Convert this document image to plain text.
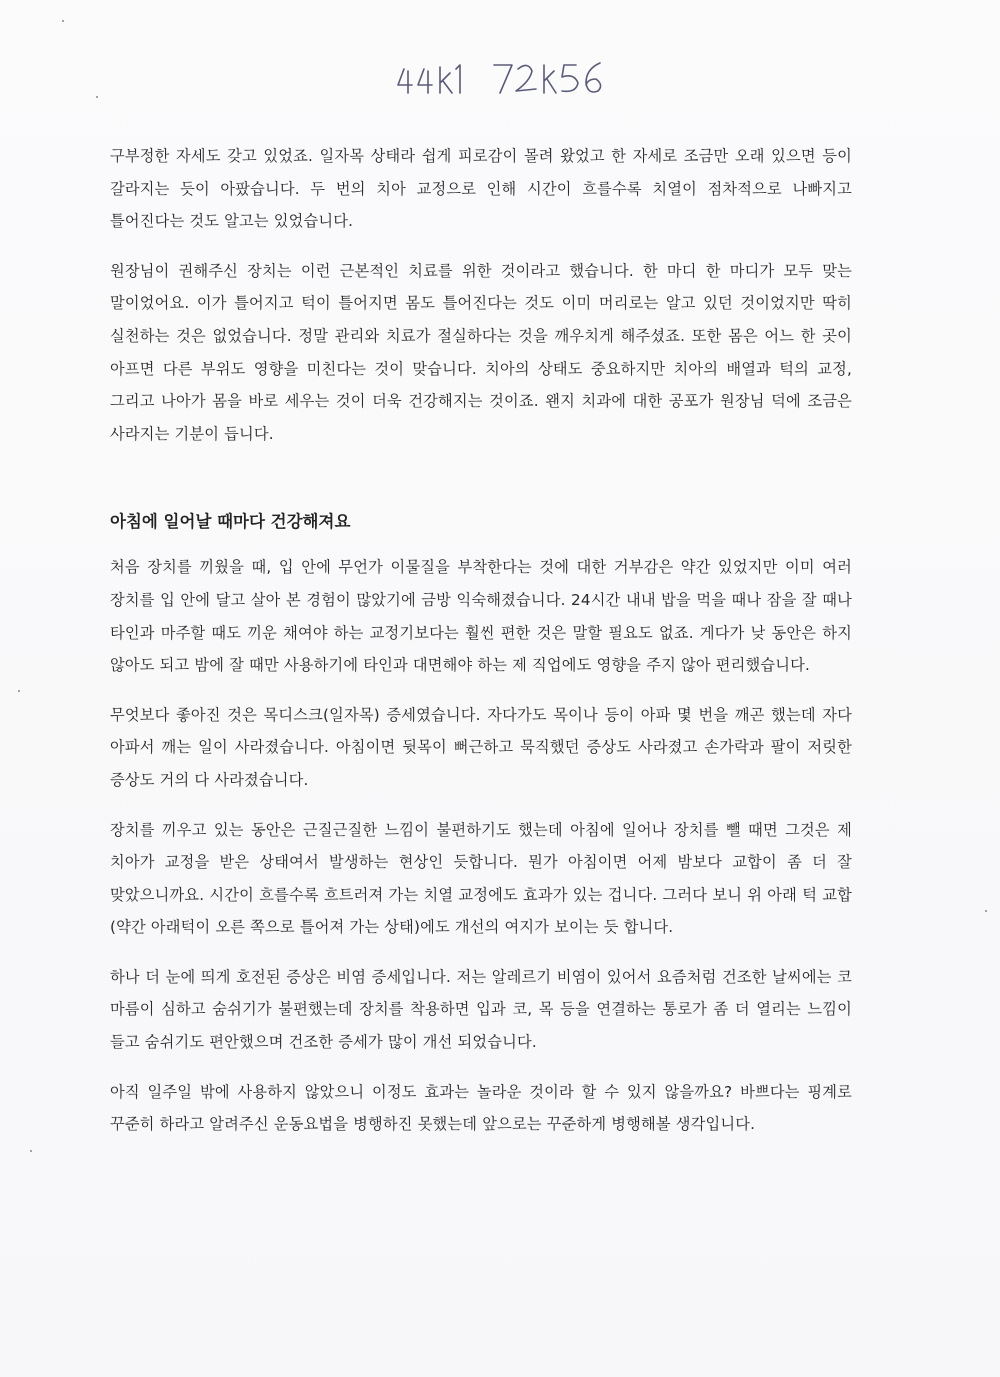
구부정한 자세도 갖고 있었죠. 일자목 상태라 쉽게 피로감이 몰려 왔었고 한 자세로 조금만 오래 있으면 등이 갈라지는 듯이 아팠습니다. 두 번의 치아 교정으로 인해 시간이 흐를수록 치열이 점차적으로 나빠지고 틀어진다는 것도 알고는 있었습니다.

원장님이 권해주신 장치는 이런 근본적인 치료를 위한 것이라고 했습니다. 한 마디 한 마디가 모두 맞는 말이었어요. 이가 틀어지고 턱이 틀어지면 몸도 틀어진다는 것도 이미 머리로는 알고 있던 것이었지만 딱히 실천하는 것은 없었습니다. 정말 관리와 치료가 절실하다는 것을 깨우치게 해주셨죠. 또한 몸은 어느 한 곳이 아프면 다른 부위도 영향을 미친다는 것이 맞습니다. 치아의 상태도 중요하지만 치아의 배열과 턱의 교정, 그리고 나아가 몸을 바로 세우는 것이 더욱 건강해지는 것이죠. 왠지 치과에 대한 공포가 원장님 덕에 조금은 사라지는 기분이 듭니다.

아침에 일어날 때마다 건강해져요

처음 장치를 끼웠을 때, 입 안에 무언가 이물질을 부착한다는 것에 대한 거부감은 약간 있었지만 이미 여러 장치를 입 안에 달고 살아 본 경험이 많았기에 금방 익숙해졌습니다. 24시간 내내 밥을 먹을 때나 잠을 잘 때나 타인과 마주할 때도 끼운 채여야 하는 교정기보다는 훨씬 편한 것은 말할 필요도 없죠. 게다가 낮 동안은 하지 않아도 되고 밤에 잘 때만 사용하기에 타인과 대면해야 하는 제 직업에도 영향을 주지 않아 편리했습니다.

무엇보다 좋아진 것은 목디스크(일자목) 증세였습니다. 자다가도 목이나 등이 아파 몇 번을 깨곤 했는데 자다 아파서 깨는 일이 사라졌습니다. 아침이면 뒷목이 뻐근하고 묵직했던 증상도 사라졌고 손가락과 팔이 저릿한 증상도 거의 다 사라졌습니다.

장치를 끼우고 있는 동안은 근질근질한 느낌이 불편하기도 했는데 아침에 일어나 장치를 뺄 때면 그것은 제 치아가 교정을 받은 상태여서 발생하는 현상인 듯합니다. 뭔가 아침이면 어제 밤보다 교합이 좀 더 잘 맞았으니까요. 시간이 흐를수록 흐트러져 가는 치열 교정에도 효과가 있는 겁니다. 그러다 보니 위 아래 턱 교합(약간 아래턱이 오른 쪽으로 틀어져 가는 상태)에도 개선의 여지가 보이는 듯 합니다.

하나 더 눈에 띄게 호전된 증상은 비염 증세입니다. 저는 알레르기 비염이 있어서 요즘처럼 건조한 날씨에는 코 마름이 심하고 숨쉬기가 불편했는데 장치를 착용하면 입과 코, 목 등을 연결하는 통로가 좀 더 열리는 느낌이 들고 숨쉬기도 편안했으며 건조한 증세가 많이 개선 되었습니다.

아직 일주일 밖에 사용하지 않았으니 이정도 효과는 놀라운 것이라 할 수 있지 않을까요? 바쁘다는 핑계로 꾸준히 하라고 알려주신 운동요법을 병행하진 못했는데 앞으로는 꾸준하게 병행해볼 생각입니다.
